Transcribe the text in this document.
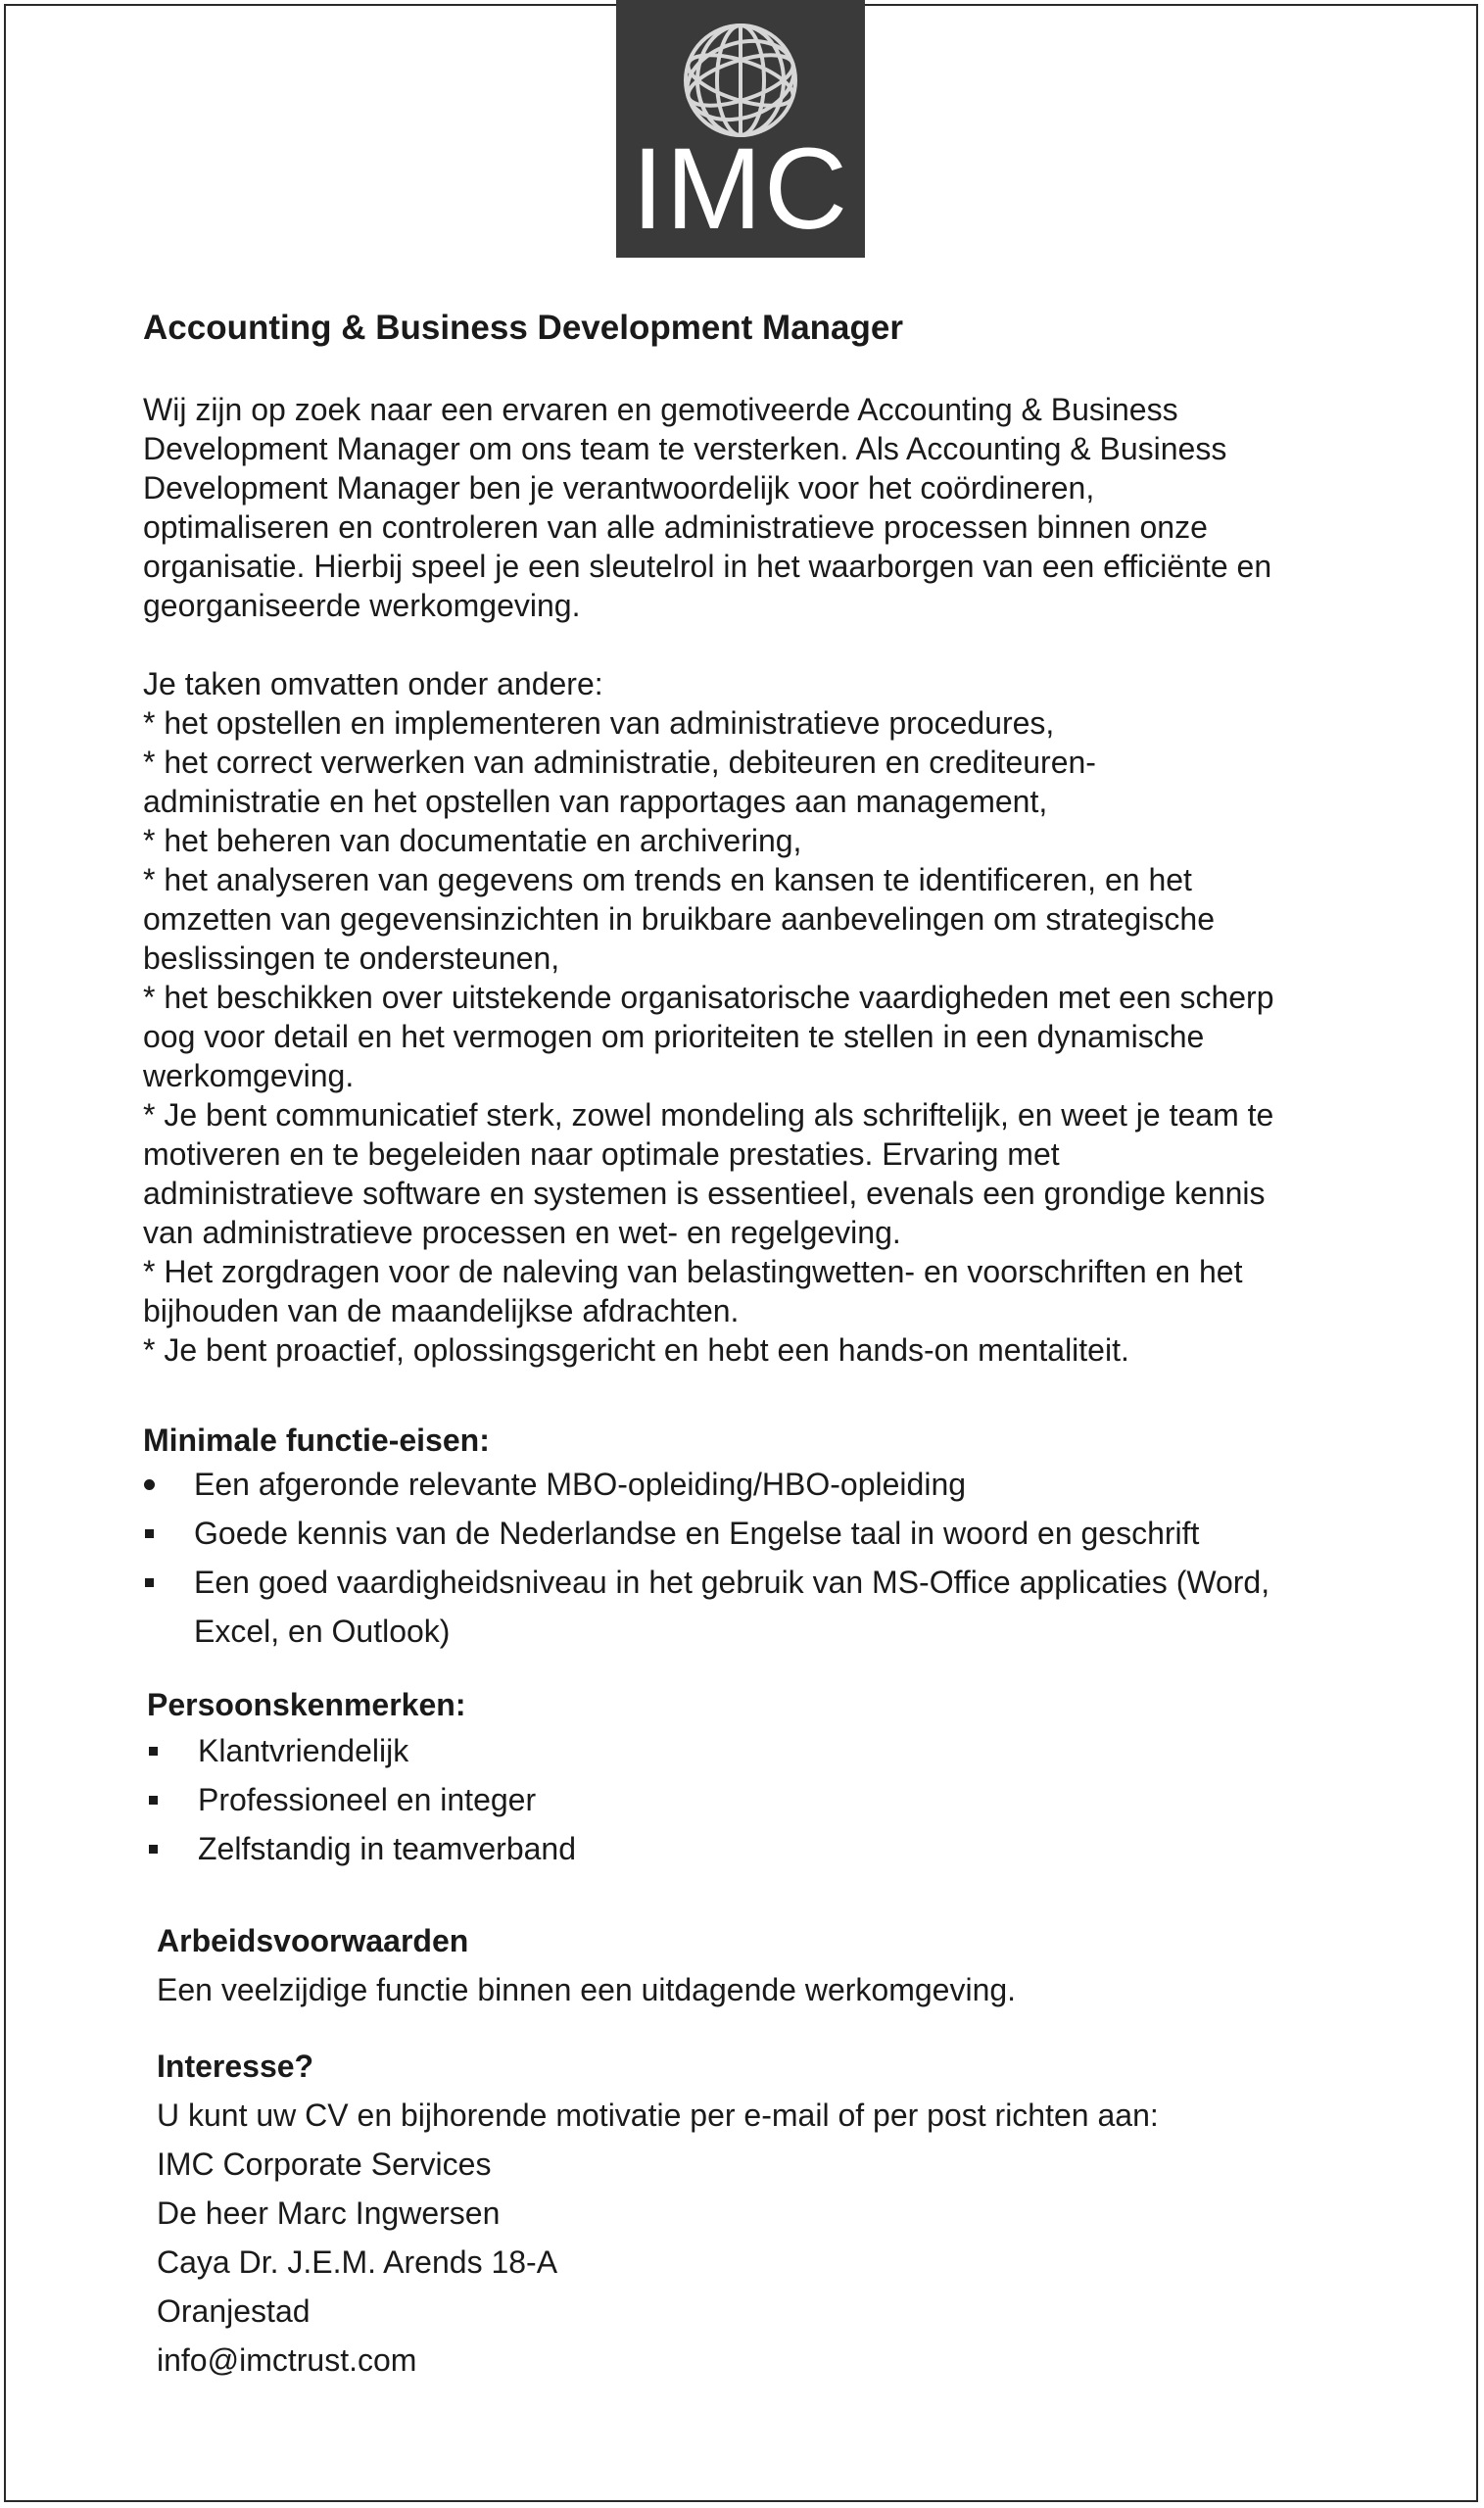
IMC
Accounting & Business Development Manager

Wij zijn op zoek naar een ervaren en gemotiveerde Accounting & Business

Development Manager om ons team te versterken. Als Accounting & Business

Development Manager ben je verantwoordelijk voor het coördineren,

optimaliseren en controleren van alle administratieve processen binnen onze

organisatie. Hierbij speel je een sleutelrol in het waarborgen van een efficiënte en

georganiseerde werkomgeving.

Je taken omvatten onder andere:

* het opstellen en implementeren van administratieve procedures,

* het correct verwerken van administratie, debiteuren en crediteuren-

administratie en het opstellen van rapportages aan management,

* het beheren van documentatie en archivering,

* het analyseren van gegevens om trends en kansen te identificeren, en het

omzetten van gegevensinzichten in bruikbare aanbevelingen om strategische

beslissingen te ondersteunen,

* het beschikken over uitstekende organisatorische vaardigheden met een scherp

oog voor detail en het vermogen om prioriteiten te stellen in een dynamische

werkomgeving.

* Je bent communicatief sterk, zowel mondeling als schriftelijk, en weet je team te

motiveren en te begeleiden naar optimale prestaties. Ervaring met

administratieve software en systemen is essentieel, evenals een grondige kennis

van administratieve processen en wet- en regelgeving.

* Het zorgdragen voor de naleving van belastingwetten- en voorschriften en het

bijhouden van de maandelijkse afdrachten.

* Je bent proactief, oplossingsgericht en hebt een hands-on mentaliteit.

Minimale functie-eisen:

Een afgeronde relevante MBO-opleiding/HBO-opleiding
Goede kennis van de Nederlandse en Engelse taal in woord en geschrift
Een goed vaardigheidsniveau in het gebruik van MS-Office applicaties (Word,
Excel, en Outlook)

Persoonskenmerken:

Klantvriendelijk
Professioneel en integer
Zelfstandig in teamverband

Arbeidsvoorwaarden

Een veelzijdige functie binnen een uitdagende werkomgeving.

Interesse?

U kunt uw CV en bijhorende motivatie per e-mail of per post richten aan:

IMC Corporate Services

De heer Marc Ingwersen

Caya Dr. J.E.M. Arends 18-A

Oranjestad

info@imctrust.com
